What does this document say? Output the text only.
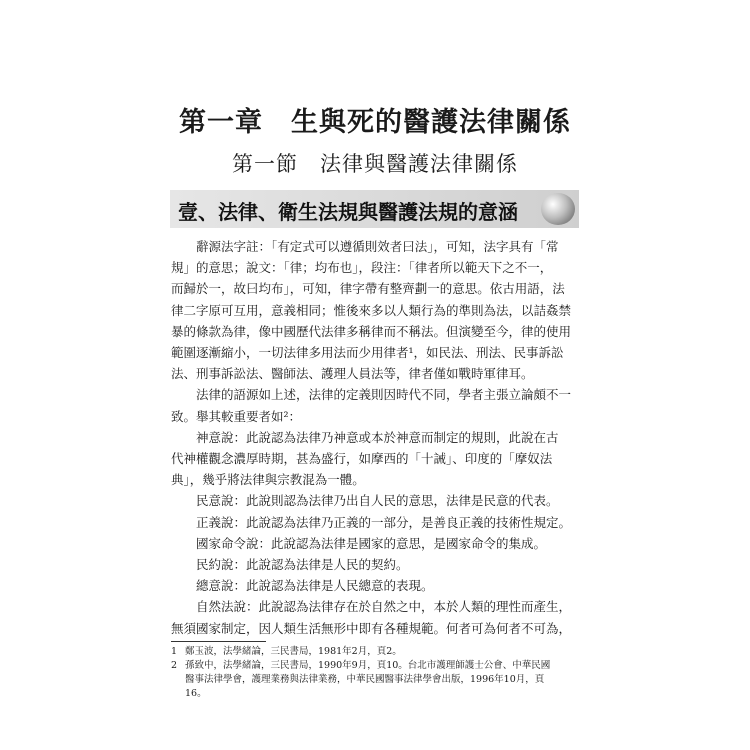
第一章　生與死的醫護法律關係
第一節　法律與醫護法律關係
壹、法律、衛生法規與醫護法規的意涵

辭源法字註：「有定式可以遵循則效者曰法」，可知，法字具有「常

規」的意思；說文：「律；均布也」，段注：「律者所以範天下之不一，

而歸於一，故曰均布」，可知，律字帶有整齊劃一的意思。依古用語，法

律二字原可互用，意義相同；惟後來多以人類行為的準則為法，以詰姦禁

暴的條款為律，像中國歷代法律多稱律而不稱法。但演變至今，律的使用

範圍逐漸縮小，一切法律多用法而少用律者¹，如民法、刑法、民事訴訟

法、刑事訴訟法、醫師法、護理人員法等，律者僅如戰時軍律耳。

法律的語源如上述，法律的定義則因時代不同，學者主張立論頗不一

致。舉其較重要者如²：

神意說：此說認為法律乃神意或本於神意而制定的規則，此說在古

代神權觀念濃厚時期，甚為盛行，如摩西的「十誡」、印度的「摩奴法

典」，幾乎將法律與宗教混為一體。

民意說：此說則認為法律乃出自人民的意思，法律是民意的代表。

正義說：此說認為法律乃正義的一部分，是善良正義的技術性規定。

國家命令說：此說認為法律是國家的意思，是國家命令的集成。

民約說：此說認為法律是人民的契約。

總意說：此說認為法律是人民總意的表現。

自然法說：此說認為法律存在於自然之中，本於人類的理性而產生，

無須國家制定，因人類生活無形中即有各種規範。何者可為何者不可為，

1 鄭玉波，法學緒論，三民書局，1981年2月，頁2。
2 孫致中，法學緒論，三民書局，1990年9月，頁10。台北市護理師護士公會、中華民國
醫事法律學會，護理業務與法律業務，中華民國醫事法律學會出版，1996年10月，頁
16。
